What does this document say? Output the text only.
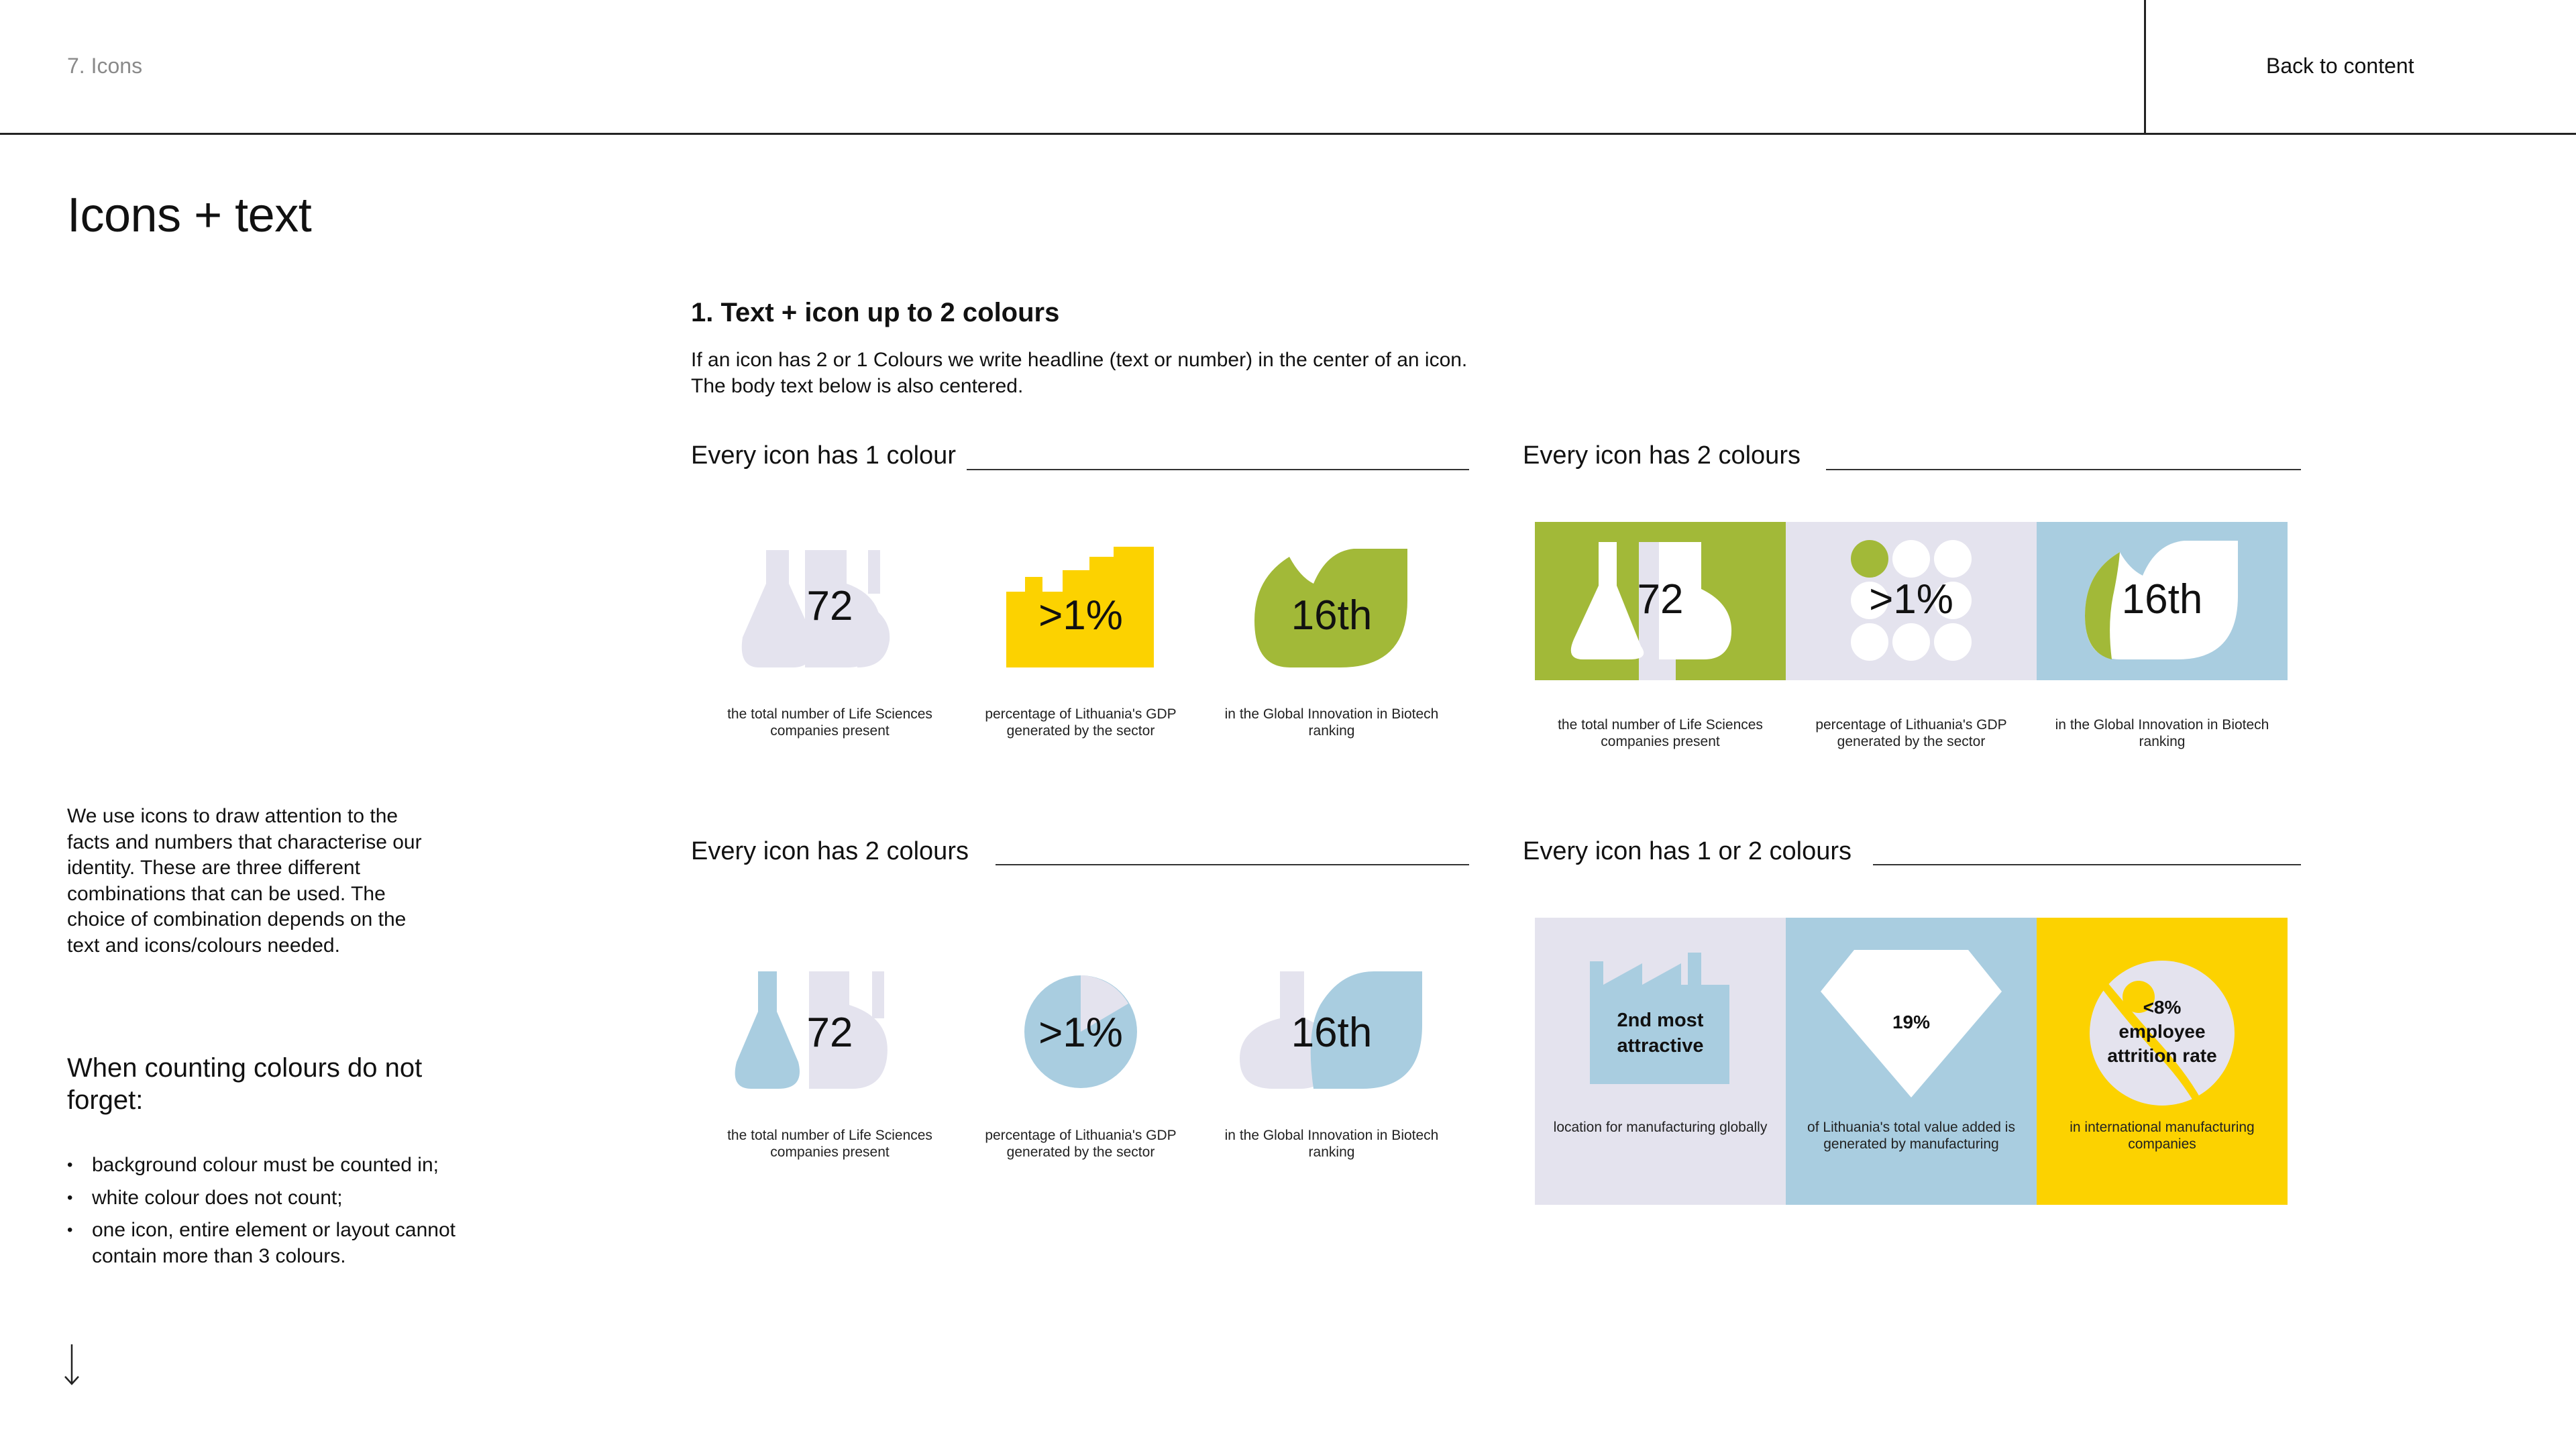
7. Icons	Back to content
Icons + text

We use icons to draw attention to the facts and numbers that characterise our identity. These are three different combinations that can be used. The choice of combination depends on the text and icons/colours needed.

When counting colours do not forget:
• background colour must be counted in;
• white colour does not count;
• one icon, entire element or layout cannot contain more than 3 colours.
1. Text + icon up to 2 colours

If an icon has 2 or 1 Colours we write headline (text or number) in the center of an icon. The body text below is also centered.

Every icon has 1 colour
72
the total number of Life Sciences companies present
>1%
percentage of Lithuania's GDP generated by the sector
16th
in the Global Innovation in Biotech ranking
Every icon has 2 colours
72
the total number of Life Sciences companies present
>1%
percentage of Lithuania's GDP generated by the sector
16th
in the Global Innovation in Biotech ranking
Every icon has 2 colours
72
the total number of Life Sciences companies present
>1%
percentage of Lithuania's GDP generated by the sector
16th
in the Global Innovation in Biotech ranking
Every icon has 1 or 2 colours
2nd most attractive
location for manufacturing globally
19%
of Lithuania's total value added is generated by manufacturing
<8% employee attrition rate
in international manufacturing companies
